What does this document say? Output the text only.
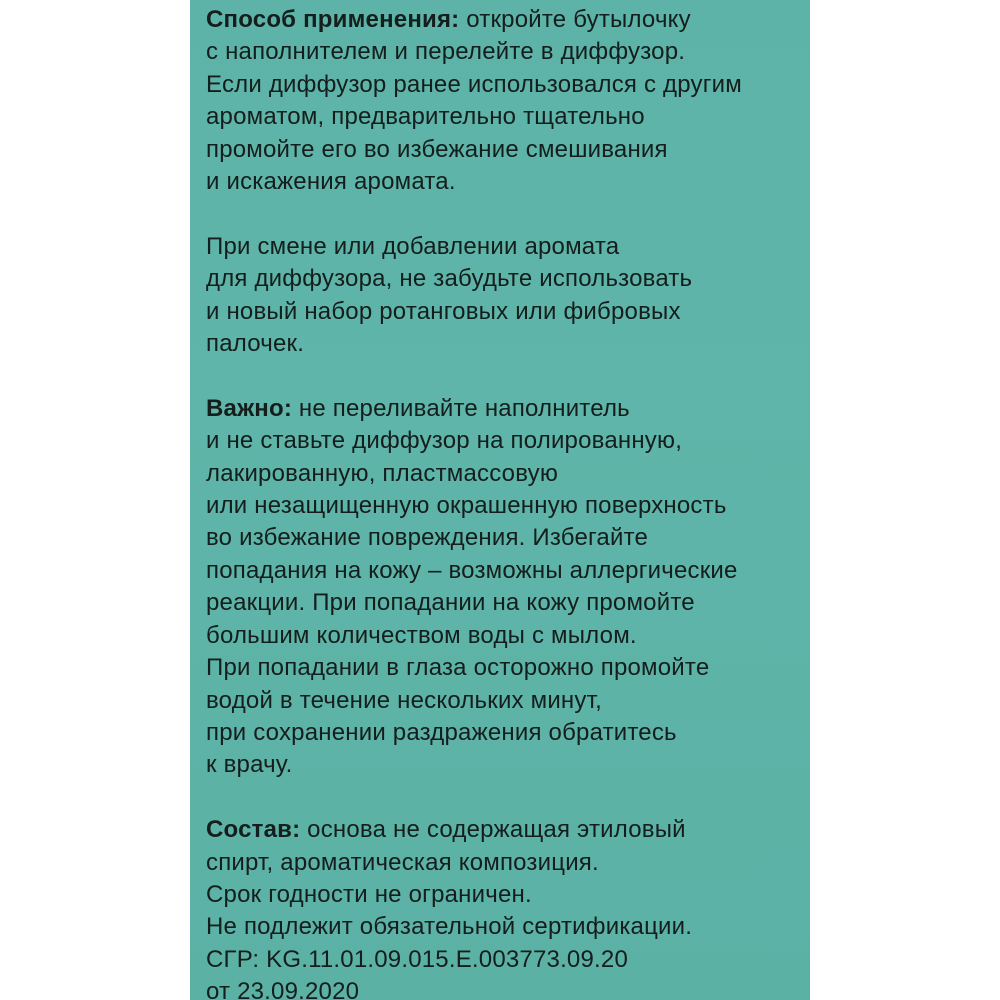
Способ применения: откройте бутылочку
с наполнителем и перелейте в диффузор.
Если диффузор ранее использовался с другим
ароматом, предварительно тщательно
промойте его во избежание смешивания
и искажения аромата.
При смене или добавлении аромата
для диффузора, не забудьте использовать
и новый набор ротанговых или фибровых
палочек.
Важно: не переливайте наполнитель
и не ставьте диффузор на полированную,
лакированную, пластмассовую
или незащищенную окрашенную поверхность
во избежание повреждения. Избегайте
попадания на кожу – возможны аллергические
реакции. При попадании на кожу промойте
большим количеством воды с мылом.
При попадании в глаза осторожно промойте
водой в течение нескольких минут,
при сохранении раздражения обратитесь
к врачу.
Состав: основа не содержащая этиловый
спирт, ароматическая композиция.
Срок годности не ограничен.
Не подлежит обязательной сертификации.
СГР: KG.11.01.09.015.E.003773.09.20
от 23.09.2020
